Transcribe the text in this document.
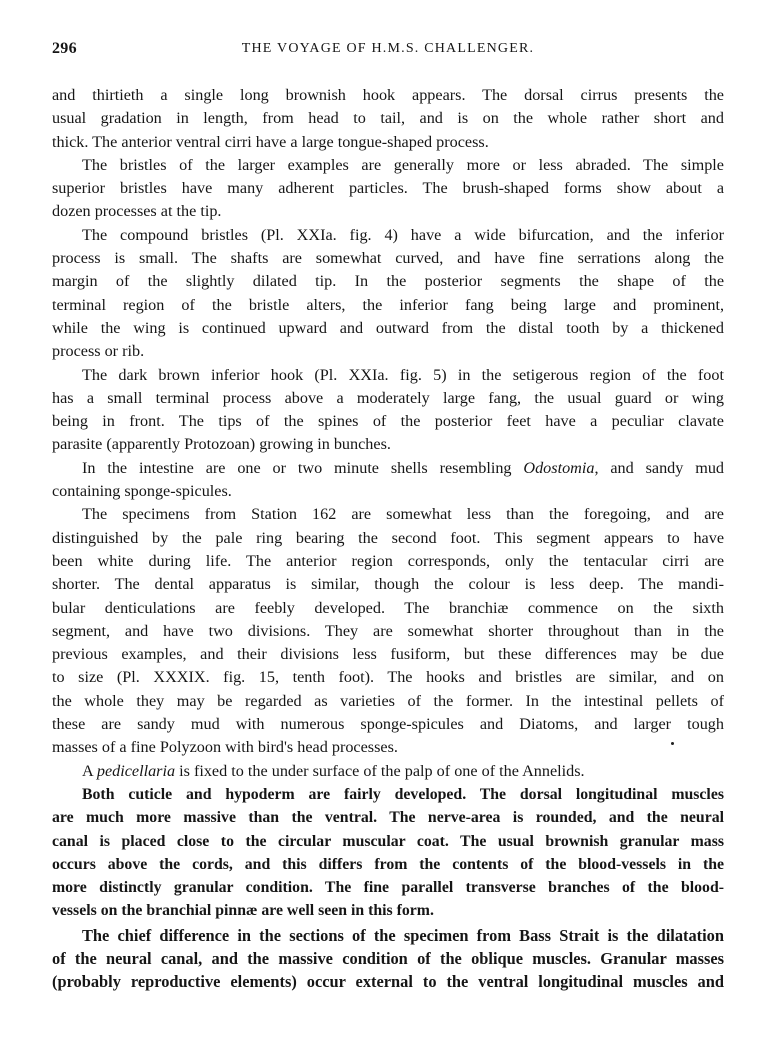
296	THE VOYAGE OF H.M.S. CHALLENGER.
and thirtieth a single long brownish hook appears. The dorsal cirrus presents the
usual gradation in length, from head to tail, and is on the whole rather short and
thick. The anterior ventral cirri have a large tongue-shaped process.
The bristles of the larger examples are generally more or less abraded. The simple
superior bristles have many adherent particles. The brush-shaped forms show about a
dozen processes at the tip.
The compound bristles (Pl. XXIa. fig. 4) have a wide bifurcation, and the inferior
process is small. The shafts are somewhat curved, and have fine serrations along the
margin of the slightly dilated tip. In the posterior segments the shape of the
terminal region of the bristle alters, the inferior fang being large and prominent,
while the wing is continued upward and outward from the distal tooth by a thickened
process or rib.
The dark brown inferior hook (Pl. XXIa. fig. 5) in the setigerous region of the foot
has a small terminal process above a moderately large fang, the usual guard or wing
being in front. The tips of the spines of the posterior feet have a peculiar clavate
parasite (apparently Protozoan) growing in bunches.
In the intestine are one or two minute shells resembling Odostomia, and sandy mud
containing sponge-spicules.
The specimens from Station 162 are somewhat less than the foregoing, and are
distinguished by the pale ring bearing the second foot. This segment appears to have
been white during life. The anterior region corresponds, only the tentacular cirri are
shorter. The dental apparatus is similar, though the colour is less deep. The mandi-
bular denticulations are feebly developed. The branchiæ commence on the sixth
segment, and have two divisions. They are somewhat shorter throughout than in the
previous examples, and their divisions less fusiform, but these differences may be due
to size (Pl. XXXIX. fig. 15, tenth foot). The hooks and bristles are similar, and on
the whole they may be regarded as varieties of the former. In the intestinal pellets of
these are sandy mud with numerous sponge-spicules and Diatoms, and larger tough
masses of a fine Polyzoon with bird's head processes.
A pedicellaria is fixed to the under surface of the palp of one of the Annelids.
Both cuticle and hypoderm are fairly developed. The dorsal longitudinal muscles
are much more massive than the ventral. The nerve-area is rounded, and the neural
canal is placed close to the circular muscular coat. The usual brownish granular mass
occurs above the cords, and this differs from the contents of the blood-vessels in the
more distinctly granular condition. The fine parallel transverse branches of the blood-
vessels on the branchial pinnæ are well seen in this form.
The chief difference in the sections of the specimen from Bass Strait is the dilatation
of the neural canal, and the massive condition of the oblique muscles. Granular masses
(probably reproductive elements) occur external to the ventral longitudinal muscles and
